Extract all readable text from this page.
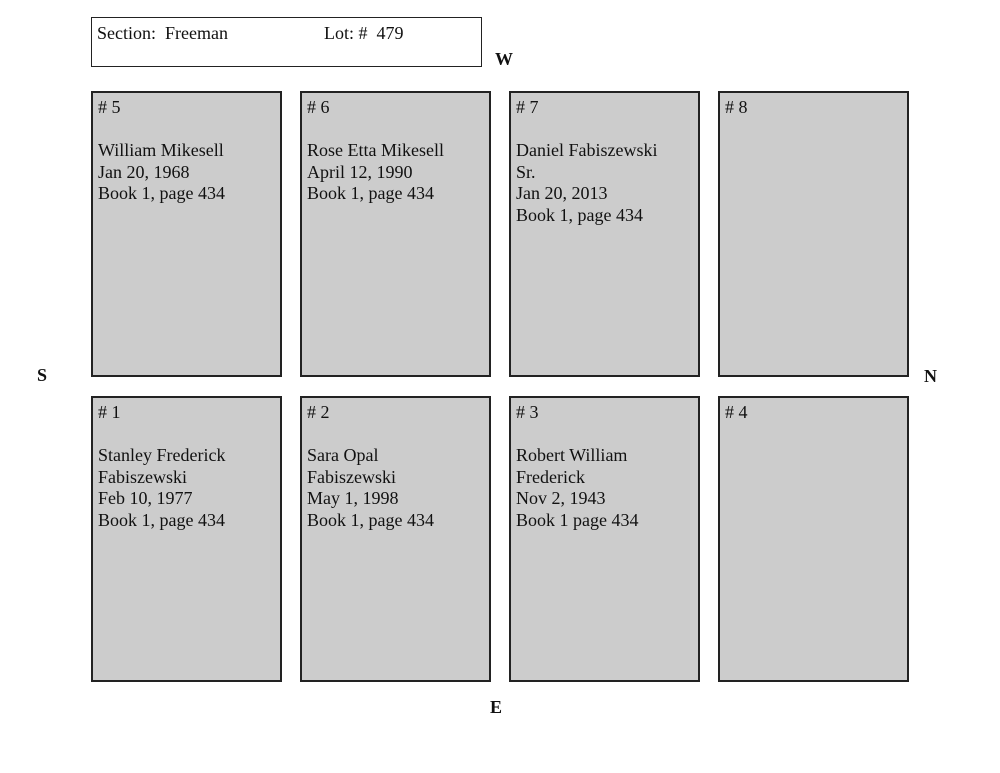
Section:  Freeman	Lot: #  479
W
S	N
E
# 5
William Mikesell
Jan 20, 1968
Book 1, page 434
# 6
Rose Etta Mikesell
April 12, 1990
Book 1, page 434
# 7
Daniel Fabiszewski
Sr.
Jan 20, 2013
Book 1, page 434
# 8
# 1
Stanley Frederick
Fabiszewski
Feb 10, 1977
Book 1, page 434
# 2
Sara Opal
Fabiszewski
May 1, 1998
Book 1, page 434
# 3
Robert William
Frederick
Nov 2, 1943
Book 1 page 434
# 4
